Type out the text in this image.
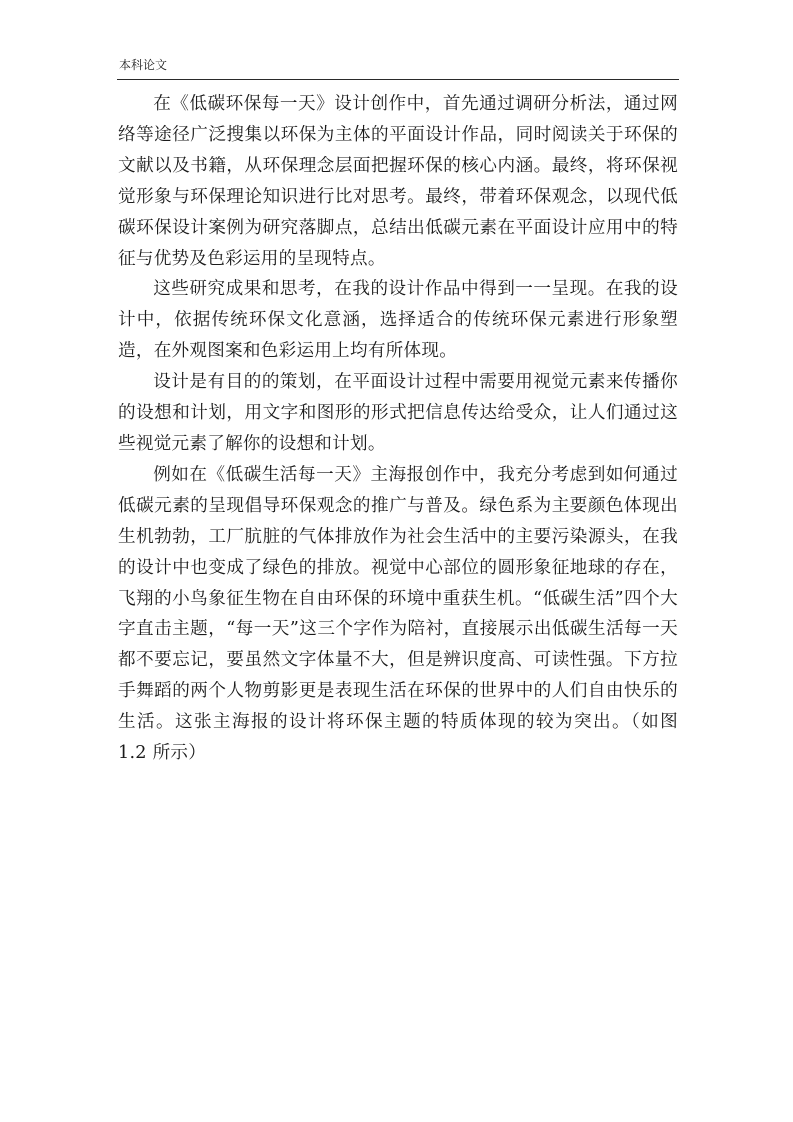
本科论文

在《低碳环保每一天》设计创作中，首先通过调研分析法，通过网络等途径广泛搜集以环保为主体的平面设计作品，同时阅读关于环保的文献以及书籍，从环保理念层面把握环保的核心内涵。最终，将环保视觉形象与环保理论知识进行比对思考。最终，带着环保观念，以现代低碳环保设计案例为研究落脚点，总结出低碳元素在平面设计应用中的特征与优势及色彩运用的呈现特点。

这些研究成果和思考，在我的设计作品中得到一一呈现。在我的设计中，依据传统环保文化意涵，选择适合的传统环保元素进行形象塑造，在外观图案和色彩运用上均有所体现。

设计是有目的的策划，在平面设计过程中需要用视觉元素来传播你的设想和计划，用文字和图形的形式把信息传达给受众，让人们通过这些视觉元素了解你的设想和计划。

例如在《低碳生活每一天》主海报创作中，我充分考虑到如何通过低碳元素的呈现倡导环保观念的推广与普及。绿色系为主要颜色体现出生机勃勃，工厂肮脏的气体排放作为社会生活中的主要污染源头，在我的设计中也变成了绿色的排放。视觉中心部位的圆形象征地球的存在，飞翔的小鸟象征生物在自由环保的环境中重获生机。“低碳生活”四个大字直击主题，“每一天”这三个字作为陪衬，直接展示出低碳生活每一天都不要忘记，要虽然文字体量不大，但是辨识度高、可读性强。下方拉手舞蹈的两个人物剪影更是表现生活在环保的世界中的人们自由快乐的生活。这张主海报的设计将环保主题的特质体现的较为突出。（如图 1.2 所示）
